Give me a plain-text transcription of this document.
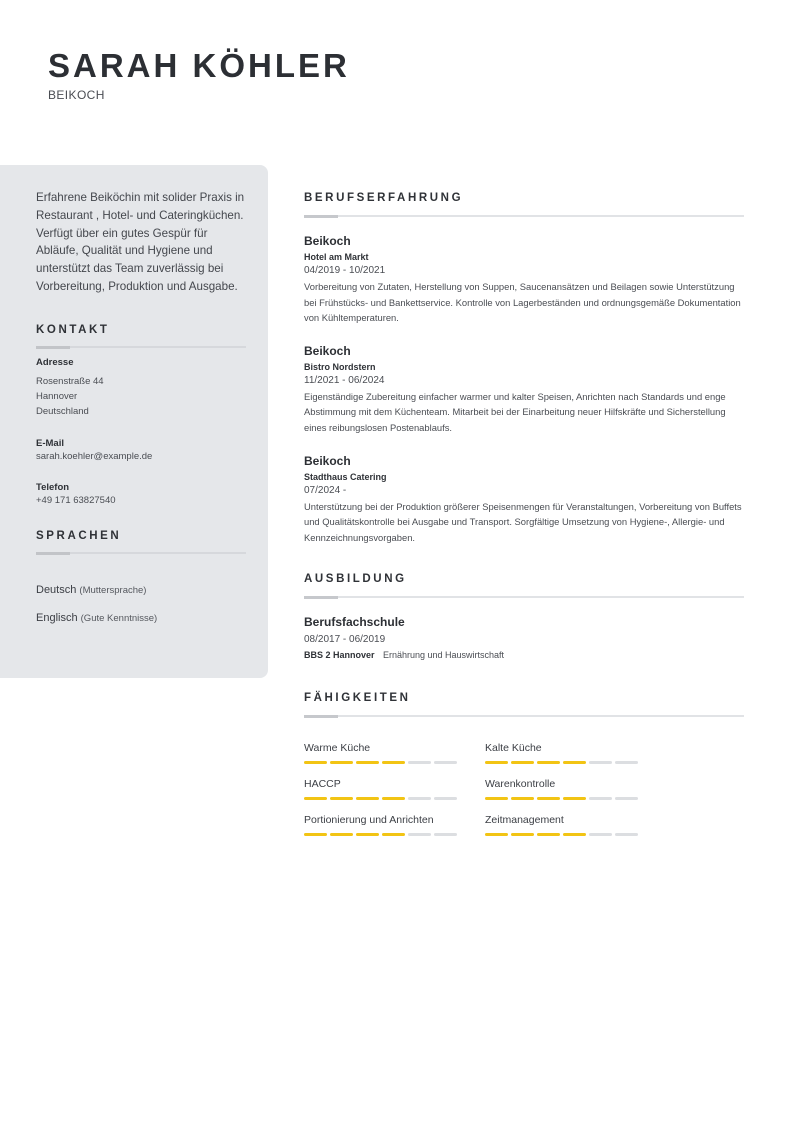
SARAH KÖHLER
BEIKOCH

Erfahrene Beiköchin mit solider Praxis in Restaurant , Hotel- und Cateringküchen. Verfügt über ein gutes Gespür für Abläufe, Qualität und Hygiene und unterstützt das Team zuverlässig bei Vorbereitung, Produktion und Ausgabe.

KONTAKT
Adresse
Rosenstraße 44
Hannover
Deutschland
E-Mail
sarah.koehler@example.de
Telefon
+49 171 63827540
SPRACHEN
Deutsch (Muttersprache)
Englisch (Gute Kenntnisse)
BERUFSERFAHRUNG
Beikoch
Hotel am Markt
04/2019 - 10/2021
Vorbereitung von Zutaten, Herstellung von Suppen, Saucenansätzen und Beilagen sowie Unterstützung bei Frühstücks- und Bankettservice. Kontrolle von Lagerbeständen und ordnungsgemäße Dokumentation von Kühltemperaturen.
Beikoch
Bistro Nordstern
11/2021 - 06/2024
Eigenständige Zubereitung einfacher warmer und kalter Speisen, Anrichten nach Standards und enge Abstimmung mit dem Küchenteam. Mitarbeit bei der Einarbeitung neuer Hilfskräfte und Sicherstellung eines reibungslosen Postenablaufs.
Beikoch
Stadthaus Catering
07/2024 -
Unterstützung bei der Produktion größerer Speisenmengen für Veranstaltungen, Vorbereitung von Buffets und Qualitätskontrolle bei Ausgabe und Transport. Sorgfältige Umsetzung von Hygiene-, Allergie- und Kennzeichnungsvorgaben.
AUSBILDUNG
Berufsfachschule
08/2017 - 06/2019
BBS 2 Hannover Ernährung und Hauswirtschaft
FÄHIGKEITEN
Warme Küche	Kalte Küche
HACCP	Warenkontrolle
Portionierung und Anrichten	Zeitmanagement
